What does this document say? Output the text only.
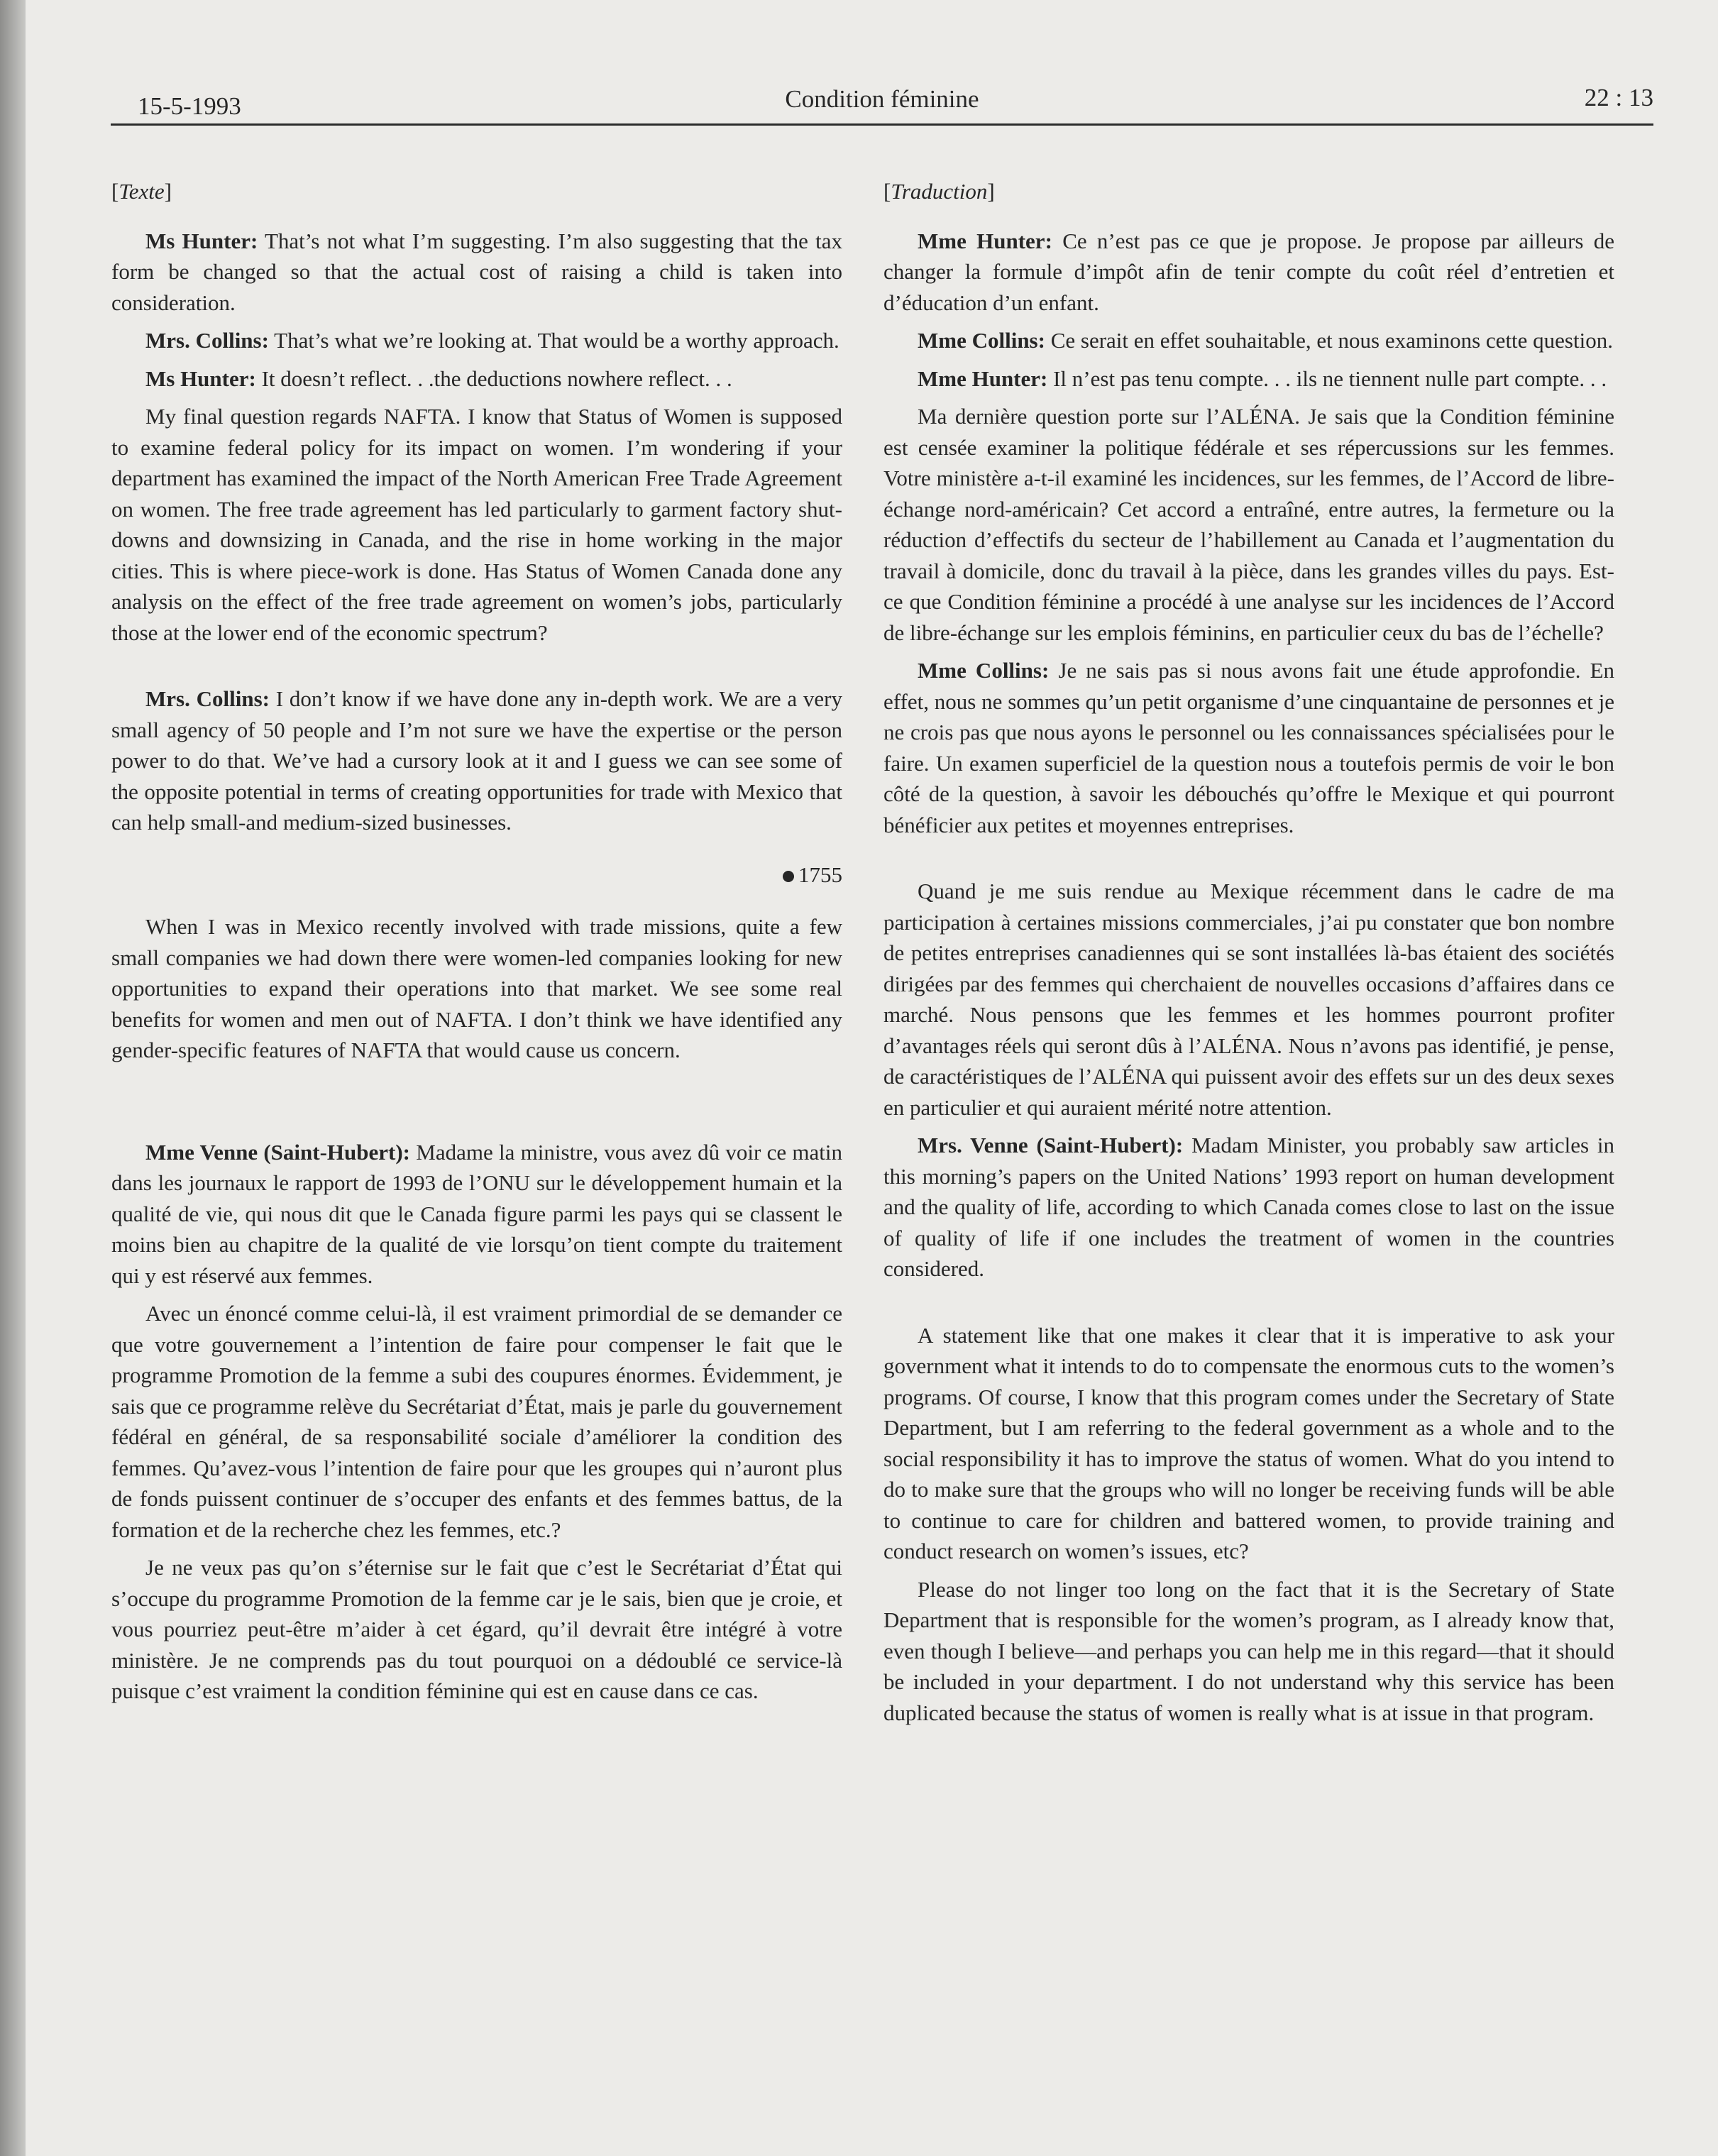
15-5-1993	Condition féminine	22 : 13

[Texte]

Ms Hunter: That’s not what I’m suggesting. I’m also suggesting that the tax form be changed so that the actual cost of raising a child is taken into consideration.

Mrs. Collins: That’s what we’re looking at. That would be a worthy approach.

Ms Hunter: It doesn’t reflect. . .the deductions nowhere reflect. . .

My final question regards NAFTA. I know that Status of Women is supposed to examine federal policy for its impact on women. I’m wondering if your department has examined the impact of the North American Free Trade Agreement on women. The free trade agreement has led particularly to garment factory shut-downs and downsizing in Canada, and the rise in home working in the major cities. This is where piece-work is done. Has Status of Women Canada done any analysis on the effect of the free trade agreement on women’s jobs, particularly those at the lower end of the economic spectrum?

Mrs. Collins: I don’t know if we have done any in-depth work. We are a very small agency of 50 people and I’m not sure we have the expertise or the person power to do that. We’ve had a cursory look at it and I guess we can see some of the opposite potential in terms of creating opportunities for trade with Mexico that can help small-and medium-sized businesses.

1755

When I was in Mexico recently involved with trade missions, quite a few small companies we had down there were women-led companies looking for new opportunities to expand their operations into that market. We see some real benefits for women and men out of NAFTA. I don’t think we have identified any gender-specific features of NAFTA that would cause us concern.

Mme Venne (Saint-Hubert): Madame la ministre, vous avez dû voir ce matin dans les journaux le rapport de 1993 de l’ONU sur le développement humain et la qualité de vie, qui nous dit que le Canada figure parmi les pays qui se classent le moins bien au chapitre de la qualité de vie lorsqu’on tient compte du traitement qui y est réservé aux femmes.

Avec un énoncé comme celui-là, il est vraiment primordial de se demander ce que votre gouvernement a l’intention de faire pour compenser le fait que le programme Promotion de la femme a subi des coupures énormes. Évidemment, je sais que ce programme relève du Secrétariat d’État, mais je parle du gouvernement fédéral en général, de sa responsabilité sociale d’améliorer la condition des femmes. Qu’avez-vous l’intention de faire pour que les groupes qui n’auront plus de fonds puissent continuer de s’occuper des enfants et des femmes battus, de la formation et de la recherche chez les femmes, etc.?

Je ne veux pas qu’on s’éternise sur le fait que c’est le Secrétariat d’État qui s’occupe du programme Promotion de la femme car je le sais, bien que je croie, et vous pourriez peut-être m’aider à cet égard, qu’il devrait être intégré à votre ministère. Je ne comprends pas du tout pourquoi on a dédoublé ce service-là puisque c’est vraiment la condition féminine qui est en cause dans ce cas.

[Traduction]

Mme Hunter: Ce n’est pas ce que je propose. Je propose par ailleurs de changer la formule d’impôt afin de tenir compte du coût réel d’entretien et d’éducation d’un enfant.

Mme Collins: Ce serait en effet souhaitable, et nous examinons cette question.

Mme Hunter: Il n’est pas tenu compte. . . ils ne tiennent nulle part compte. . .

Ma dernière question porte sur l’ALÉNA. Je sais que la Condition féminine est censée examiner la politique fédérale et ses répercussions sur les femmes. Votre ministère a-t-il examiné les incidences, sur les femmes, de l’Accord de libre-échange nord-américain? Cet accord a entraîné, entre autres, la fermeture ou la réduction d’effectifs du secteur de l’habillement au Canada et l’augmentation du travail à domicile, donc du travail à la pièce, dans les grandes villes du pays. Est-ce que Condition féminine a procédé à une analyse sur les incidences de l’Accord de libre-échange sur les emplois féminins, en particulier ceux du bas de l’échelle?

Mme Collins: Je ne sais pas si nous avons fait une étude approfondie. En effet, nous ne sommes qu’un petit organisme d’une cinquantaine de personnes et je ne crois pas que nous ayons le personnel ou les connaissances spécialisées pour le faire. Un examen superficiel de la question nous a toutefois permis de voir le bon côté de la question, à savoir les débouchés qu’offre le Mexique et qui pourront bénéficier aux petites et moyennes entreprises.

Quand je me suis rendue au Mexique récemment dans le cadre de ma participation à certaines missions commerciales, j’ai pu constater que bon nombre de petites entreprises canadiennes qui se sont installées là-bas étaient des sociétés dirigées par des femmes qui cherchaient de nouvelles occasions d’affaires dans ce marché. Nous pensons que les femmes et les hommes pourront profiter d’avantages réels qui seront dûs à l’ALÉNA. Nous n’avons pas identifié, je pense, de caractéristiques de l’ALÉNA qui puissent avoir des effets sur un des deux sexes en particulier et qui auraient mérité notre attention.

Mrs. Venne (Saint-Hubert): Madam Minister, you probably saw articles in this morning’s papers on the United Nations’ 1993 report on human development and the quality of life, according to which Canada comes close to last on the issue of quality of life if one includes the treatment of women in the countries considered.

A statement like that one makes it clear that it is imperative to ask your government what it intends to do to compensate the enormous cuts to the women’s programs. Of course, I know that this program comes under the Secretary of State Department, but I am referring to the federal government as a whole and to the social responsibility it has to improve the status of women. What do you intend to do to make sure that the groups who will no longer be receiving funds will be able to continue to care for children and battered women, to provide training and conduct research on women’s issues, etc?

Please do not linger too long on the fact that it is the Secretary of State Department that is responsible for the women’s program, as I already know that, even though I believe—and perhaps you can help me in this regard—that it should be included in your department. I do not understand why this service has been duplicated because the status of women is really what is at issue in that program.
